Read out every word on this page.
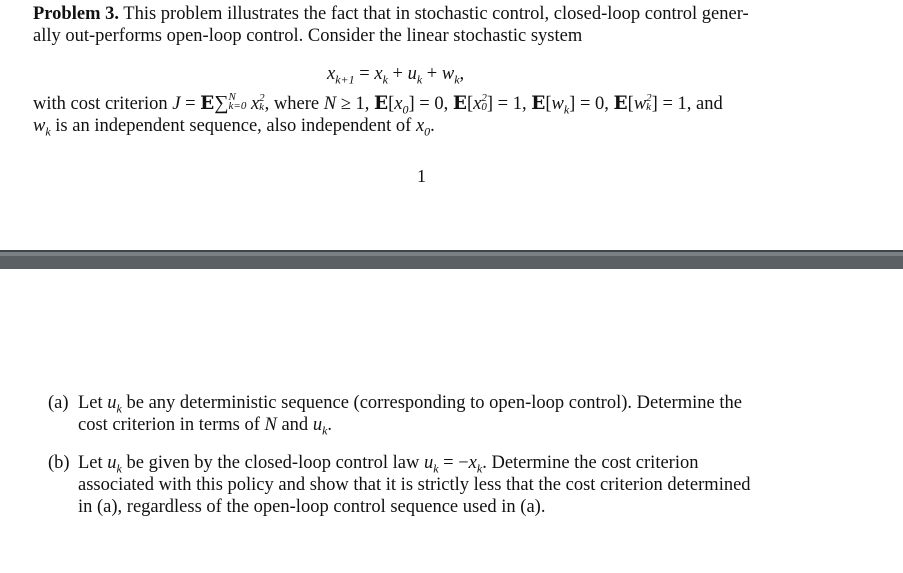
Problem 3. This problem illustrates the fact that in stochastic control, closed-loop control gener-
ally out-performs open-loop control. Consider the linear stochastic system
$x_{k+1} = x_k + u_k + w_k$,
with cost criterion J = E∑ N
k=0 x 2
k , where N ≥ 1, $E[x_0] = 0$, E[x 2
0 ] = 1, $E[w_k] = 0$, E[w 2
k ] = 1, and
$w_k$ is an independent sequence, also independent of $x_0$.
1
(a) Let $u_k$ be any deterministic sequence (corresponding to open-loop control). Determine the
cost criterion in terms of N and $u_k$.
(b) Let $u_k$ be given by the closed-loop control law $u_k = -x_k$. Determine the cost criterion
associated with this policy and show that it is strictly less that the cost criterion determined
in (a), regardless of the open-loop control sequence used in (a).
